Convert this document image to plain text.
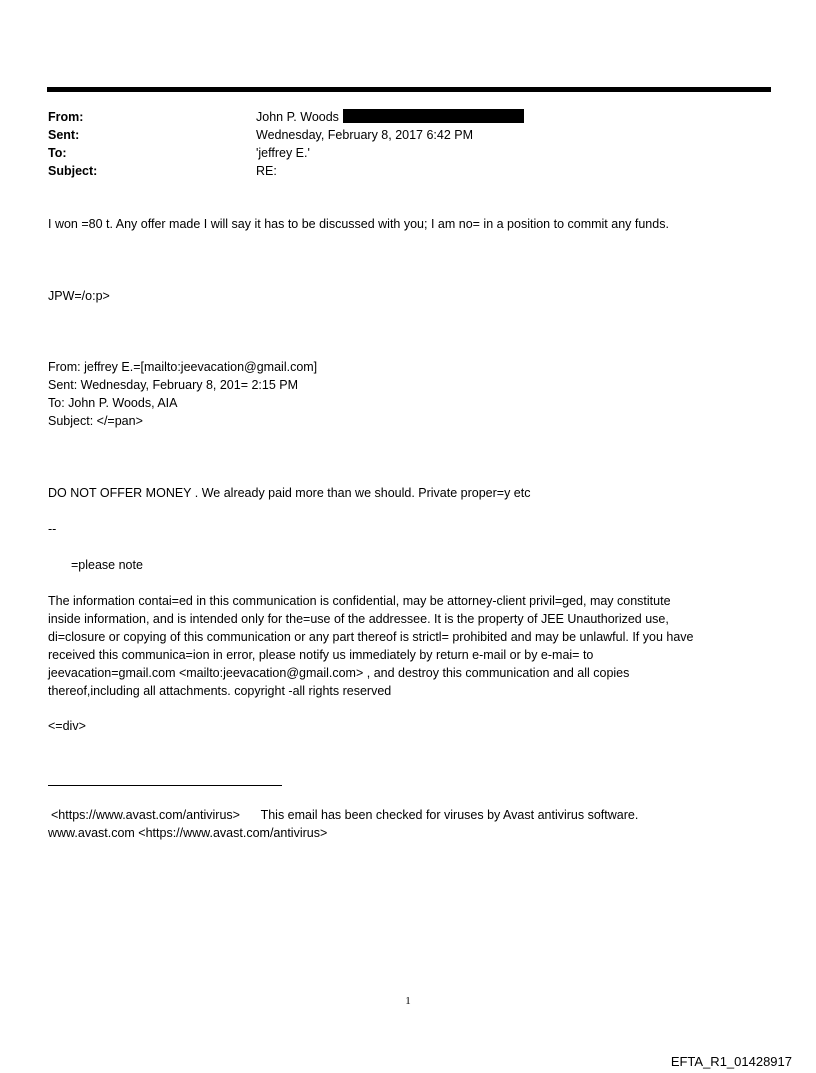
From:	John P. Woods
Sent:	Wednesday, February 8, 2017 6:42 PM
To:	'jeffrey E.'
Subject:	RE:
I won =80 t. Any offer made I will say it has to be discussed with you; I am no= in a position to commit any funds.
JPW=/o:p>
From: jeffrey E.=[mailto:jeevacation@gmail.com]
Sent: Wednesday, February 8, 201= 2:15 PM
To: John P. Woods, AIA
Subject: </=pan>
DO NOT OFFER MONEY . We already paid more than we should. Private proper=y etc
--
=please note
The information contai=ed in this communication is confidential, may be attorney-client privil=ged, may constitute
inside information, and is intended only for the=use of the addressee. It is the property of JEE Unauthorized use,
di=closure or copying of this communication or any part thereof is strictl= prohibited and may be unlawful. If you have
received this communica=ion in error, please notify us immediately by return e-mail or by e-mai= to
jeevacation=gmail.com <mailto:jeevacation@gmail.com> , and destroy this communication and all copies
thereof,including all attachments. copyright -all rights reserved
<=div>
<https://www.avast.com/antivirus>      This email has been checked for viruses by Avast antivirus software.
www.avast.com <https://www.avast.com/antivirus>
1
EFTA_R1_01428917
